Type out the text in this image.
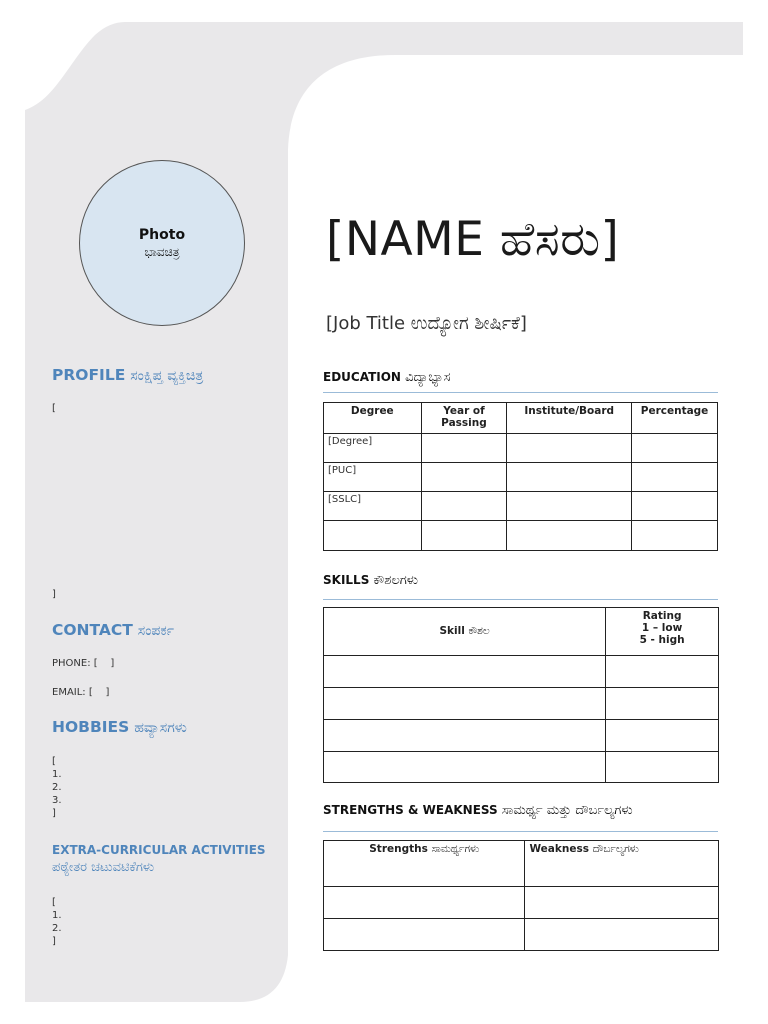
Photo
ಭಾವಚಿತ್ರ
PROFILE ಸಂಕ್ಷಿಪ್ತ ವ್ಯಕ್ತಿಚಿತ್ರ
[
]
CONTACT ಸಂಪರ್ಕ
PHONE: [    ]
EMAIL: [    ]
HOBBIES ಹವ್ಯಾಸಗಳು
[
1.
2.
3.
]
EXTRA-CURRICULAR ACTIVITIES
ಪಠ್ಯೇತರ ಚಟುವಟಿಕೆಗಳು
[
1.
2.
]
[NAME ಹೆಸರು]
[Job Title ಉದ್ಯೋಗ ಶೀರ್ಷಿಕೆ]
EDUCATION ವಿದ್ಯಾಭ್ಯಾಸ
Degree	Year of Passing	Institute/Board	Percentage
[Degree]			
[PUC]			
[SSLC]			

SKILLS ಕೌಶಲಗಳು
Skill ಕೌಶಲ	Rating
1 – low
5 - high

STRENGTHS & WEAKNESS ಸಾಮರ್ಥ್ಯ ಮತ್ತು ದೌರ್ಬಲ್ಯಗಳು
Strengths ಸಾಮರ್ಥ್ಯಗಳು	Weakness ದೌರ್ಬಲ್ಯಗಳು
